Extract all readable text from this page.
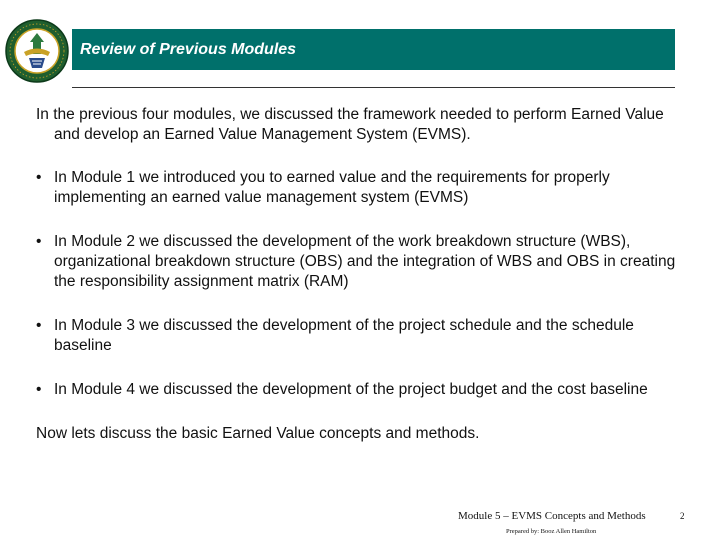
Review of Previous Modules

In the previous four modules, we discussed the framework needed to perform Earned Value and develop an Earned Value Management System (EVMS).

• In Module 1 we introduced you to earned value and the requirements for properly implementing an earned value management system (EVMS)
• In Module 2 we discussed the development of the work breakdown structure (WBS), organizational breakdown structure (OBS) and the integration of WBS and OBS in creating the responsibility assignment matrix (RAM)
• In Module 3 we discussed the development of the project schedule and the schedule baseline
• In Module 4 we discussed the development of the project budget and the cost baseline

Now lets discuss the basic Earned Value concepts and methods.

Module 5 – EVMS Concepts and Methods
Prepared by: Booz Allen Hamilton
2
